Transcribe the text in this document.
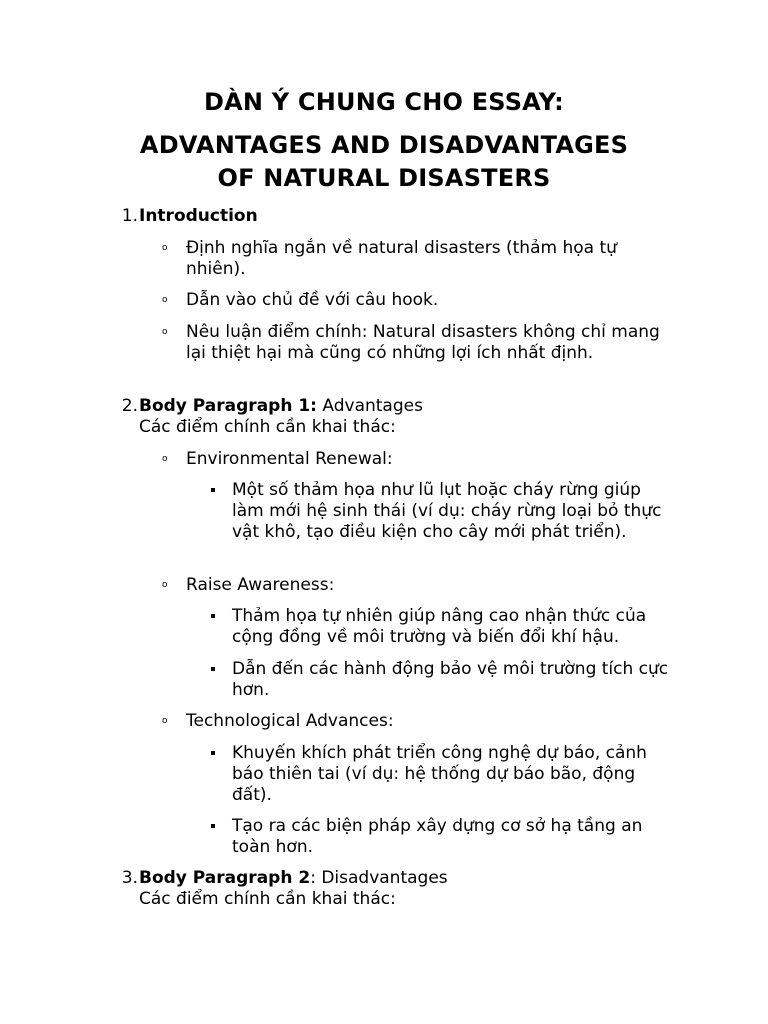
DÀN Ý CHUNG CHO ESSAY:
ADVANTAGES AND DISADVANTAGES
OF NATURAL DISASTERS
1. Introduction
o Định nghĩa ngắn về natural disasters (thảm họa tự nhiên).
o Dẫn vào chủ đề với câu hook.
o Nêu luận điểm chính: Natural disasters không chỉ mang lại thiệt hại mà cũng có những lợi ích nhất định.
2. Body Paragraph 1: Advantages
Các điểm chính cần khai thác:
o Environmental Renewal:
Một số thảm họa như lũ lụt hoặc cháy rừng giúp làm mới hệ sinh thái (ví dụ: cháy rừng loại bỏ thực vật khô, tạo điều kiện cho cây mới phát triển).
o Raise Awareness:
Thảm họa tự nhiên giúp nâng cao nhận thức của cộng đồng về môi trường và biến đổi khí hậu.
Dẫn đến các hành động bảo vệ môi trường tích cực hơn.
o Technological Advances:
Khuyến khích phát triển công nghệ dự báo, cảnh báo thiên tai (ví dụ: hệ thống dự báo bão, động đất).
Tạo ra các biện pháp xây dựng cơ sở hạ tầng an toàn hơn.
3. Body Paragraph 2: Disadvantages
Các điểm chính cần khai thác:
